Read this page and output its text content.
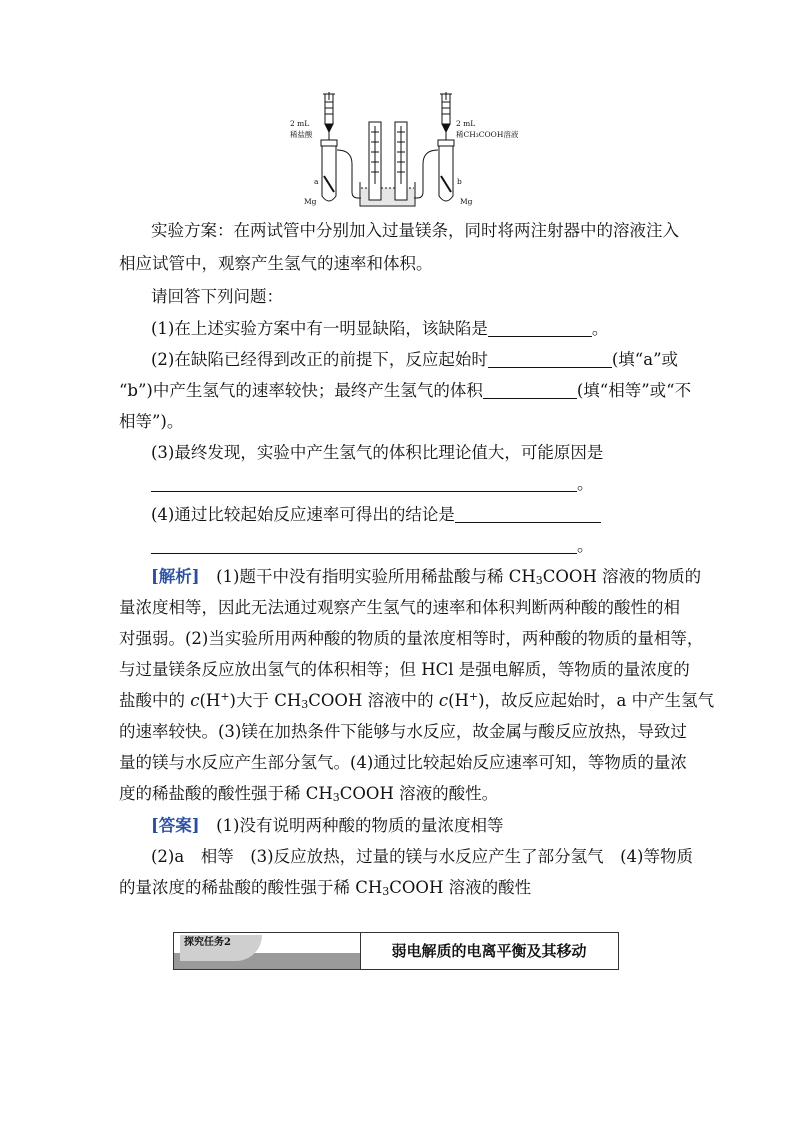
2 mL
稀盐酸
2 mL
稀CH₃COOH溶液
a	b
Mg	Mg
实验方案：在两试管中分别加入过量镁条，同时将两注射器中的溶液注入
相应试管中，观察产生氢气的速率和体积。
请回答下列问题：
(1)在上述实验方案中有一明显缺陷，该缺陷是	。
(2)在缺陷已经得到改正的前提下，反应起始时	(填“a”或
“b”)中产生氢气的速率较快；最终产生氢气的体积	(填“相等”或“不
相等”)。
(3)最终发现，实验中产生氢气的体积比理论值大，可能原因是
。
(4)通过比较起始反应速率可得出的结论是
。
[解析]　(1)题干中没有指明实验所用稀盐酸与稀 $CH_3COOH$ 溶液的物质的
量浓度相等，因此无法通过观察产生氢气的速率和体积判断两种酸的酸性的相
对强弱。(2)当实验所用两种酸的物质的量浓度相等时，两种酸的物质的量相等，
与过量镁条反应放出氢气的体积相等；但 HCl 是强电解质，等物质的量浓度的
盐酸中的 c(H+)大于 $CH_3COOH$ 溶液中的 c(H+)，故反应起始时，a 中产生氢气
的速率较快。(3)镁在加热条件下能够与水反应，故金属与酸反应放热，导致过
量的镁与水反应产生部分氢气。(4)通过比较起始反应速率可知，等物质的量浓
度的稀盐酸的酸性强于稀 $CH_3COOH$ 溶液的酸性。
[答案]　(1)没有说明两种酸的物质的量浓度相等
(2)a　相等　(3)反应放热，过量的镁与水反应产生了部分氢气　(4)等物质
的量浓度的稀盐酸的酸性强于稀 $CH_3COOH$ 溶液的酸性
探究任务2	弱电解质的电离平衡及其移动
